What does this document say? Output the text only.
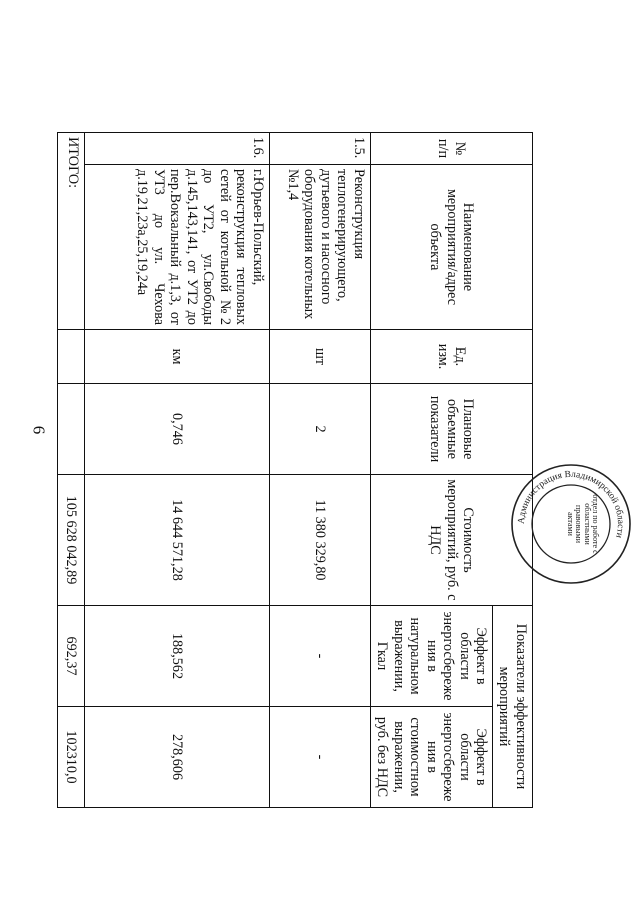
6
№ п/п	Наименование мероприятия/адрес объекта	Ед. изм.	Плановые объемные показатели	Стоимость мероприятий, руб. с НДС	Показатели эффективности мероприятий	
					Эффект в области энергосбереже ния в натуральном выражении, Гкал	Эффект в области энергосбереже ния в стоимостном выражении, руб. без НДС
1.5.	Реконструкция теплогенерирующего, дутьевого и насосного оборудования котельных №1,4	шт	2	11 380 329,80	-	-
1.6.	г.Юрьев-Польский, реконструкция тепловых сетей от котельной №2 до УТ2, ул.Свободы д.145,143,141, от УТ2 до пер.Вокзальный д.1,3, от УТ3 до ул. Чехова д.19,21,23а,25,19,24а	км	0,746	14 644 571,28	188,562	278,606
ИТОГО:				105 628 042,89	692,37	102310,0
Администрация Владимирской области
отдел по работе с областными правовыми актами
